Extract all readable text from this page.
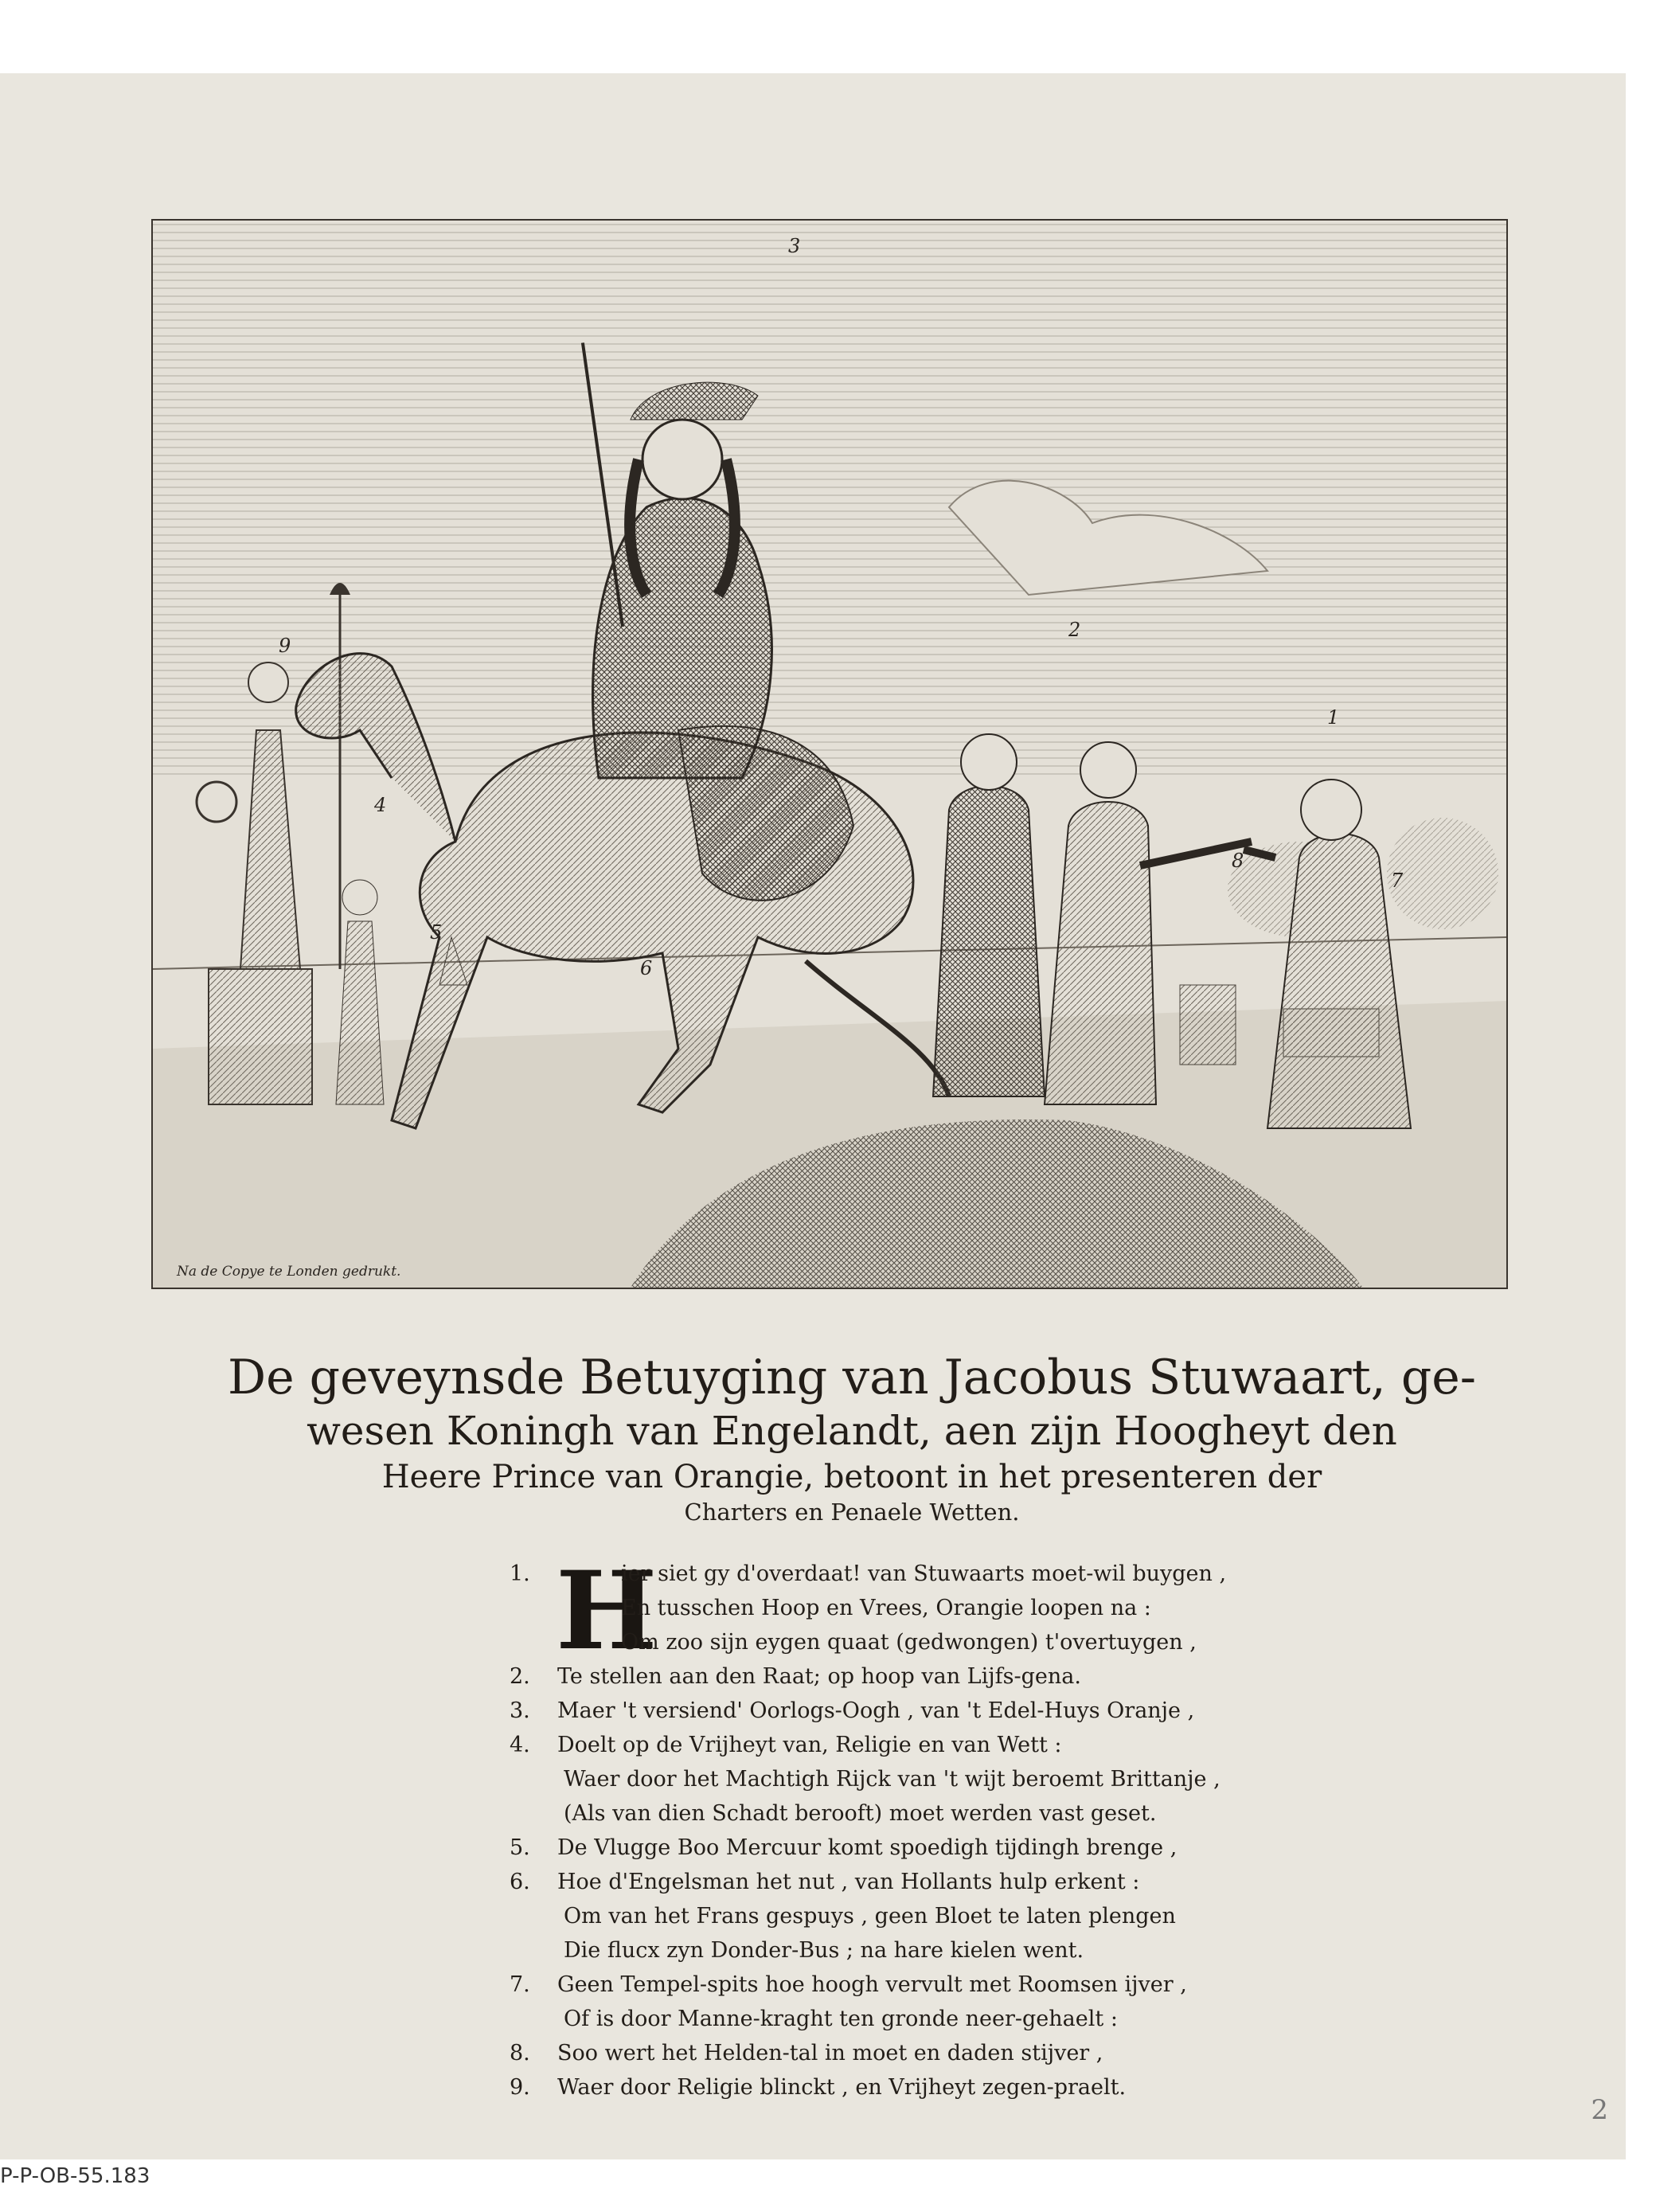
Na de Copye te Londen gedrukt.
3
2
1
9
4
5
6
8
7
De geveynsde Betuyging van Jacobus Stuwaart, ge-
wesen Koningh van Engelandt, aen zijn Hoogheyt den
Heere Prince van Orangie, betoont in het presenteren der
Charters en Penaele Wetten.
H
1.	ier siet gy d'overdaat! van Stuwaarts moet-wil buygen ,
En tusschen Hoop en Vrees, Orangie loopen na :
Om zoo sijn eygen quaat (gedwongen) t'overtuygen ,
2.	Te stellen aan den Raat; op hoop van Lijfs-gena.
3.	Maer 't versiend' Oorlogs-Oogh , van 't Edel-Huys Oranje ,
4.	Doelt op de Vrijheyt van, Religie en van Wett :
Waer door het Machtigh Rijck van 't wijt beroemt Brittanje ,
(Als van dien Schadt berooft) moet werden vast geset.
5.	De Vlugge Boo Mercuur komt spoedigh tijdingh brenge ,
6.	Hoe d'Engelsman het nut , van Hollants hulp erkent :
Om van het Frans gespuys , geen Bloet te laten plengen
Die flucx zyn Donder-Bus ; na hare kielen went.
7.	Geen Tempel-spits hoe hoogh vervult met Roomsen ijver ,
Of is door Manne-kraght ten gronde neer-gehaelt :
8.	Soo wert het Helden-tal in moet en daden stijver ,
9.	Waer door Religie blinckt , en Vrijheyt zegen-praelt.
2
P-P-OB-55.183
